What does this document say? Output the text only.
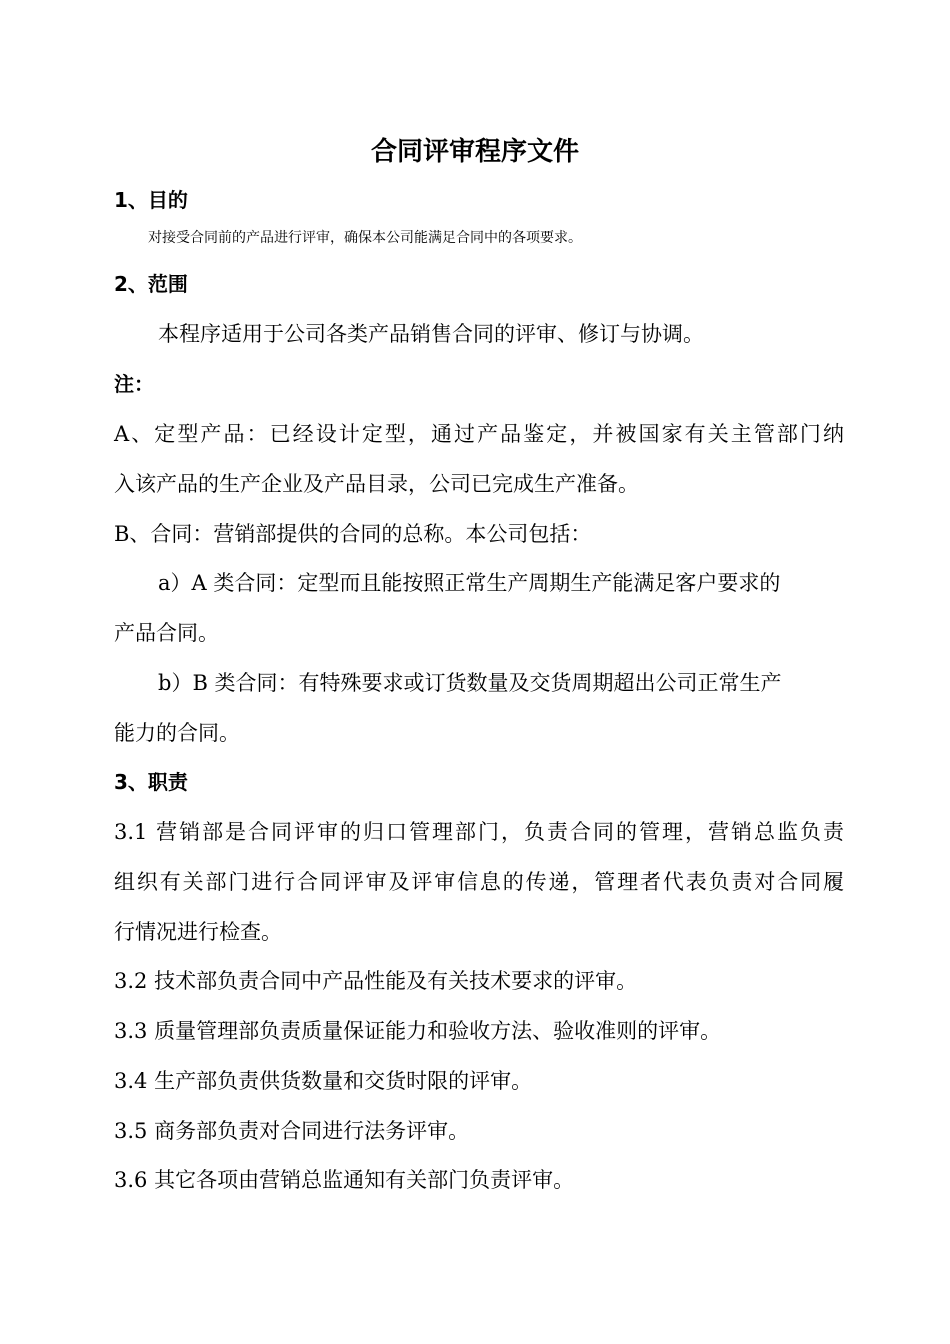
合同评审程序文件
1、目的
对接受合同前的产品进行评审，确保本公司能满足合同中的各项要求。
2、范围
本程序适用于公司各类产品销售合同的评审、修订与协调。
注：
A、定型产品：已经设计定型，通过产品鉴定，并被国家有关主管部门纳
入该产品的生产企业及产品目录，公司已完成生产准备。
B、合同：营销部提供的合同的总称。本公司包括：
a）A 类合同：定型而且能按照正常生产周期生产能满足客户要求的
产品合同。
b）B 类合同：有特殊要求或订货数量及交货周期超出公司正常生产
能力的合同。
3、职责
3.1 营销部是合同评审的归口管理部门，负责合同的管理，营销总监负责
组织有关部门进行合同评审及评审信息的传递，管理者代表负责对合同履
行情况进行检查。
3.2 技术部负责合同中产品性能及有关技术要求的评审。
3.3 质量管理部负责质量保证能力和验收方法、验收准则的评审。
3.4 生产部负责供货数量和交货时限的评审。
3.5 商务部负责对合同进行法务评审。
3.6 其它各项由营销总监通知有关部门负责评审。
